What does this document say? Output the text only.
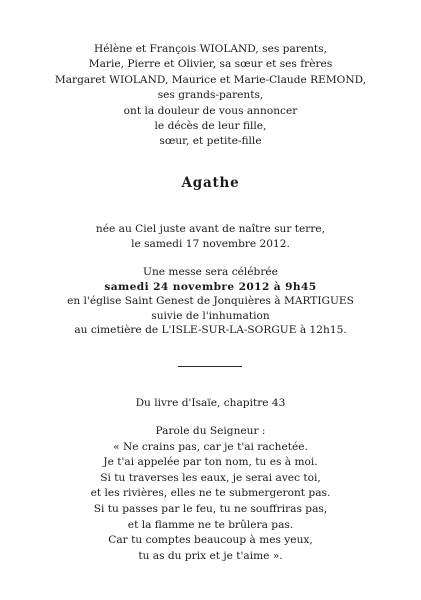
Hélène et François WIOLAND, ses parents,
Marie, Pierre et Olivier, sa sœur et ses frères
Margaret WIOLAND, Maurice et Marie-Claude REMOND,
ses grands-parents,
ont la douleur de vous annoncer
le décès de leur fille,
sœur, et petite-fille
Agathe
née au Ciel juste avant de naître sur terre,
le samedi 17 novembre 2012.
Une messe sera célébrée
samedi 24 novembre 2012 à 9h45
en l'église Saint Genest de Jonquières à MARTIGUES
suivie de l'inhumation
au cimetière de L'ISLE-SUR-LA-SORGUE à 12h15.
Du livre d'Isaïe, chapitre 43
Parole du Seigneur :
« Ne crains pas, car je t'ai rachetée.
Je t'ai appelée par ton nom, tu es à moi.
Si tu traverses les eaux, je serai avec toi,
et les rivières, elles ne te submergeront pas.
Si tu passes par le feu, tu ne souffriras pas,
et la flamme ne te brûlera pas.
Car tu comptes beaucoup à mes yeux,
tu as du prix et je t'aime ».
